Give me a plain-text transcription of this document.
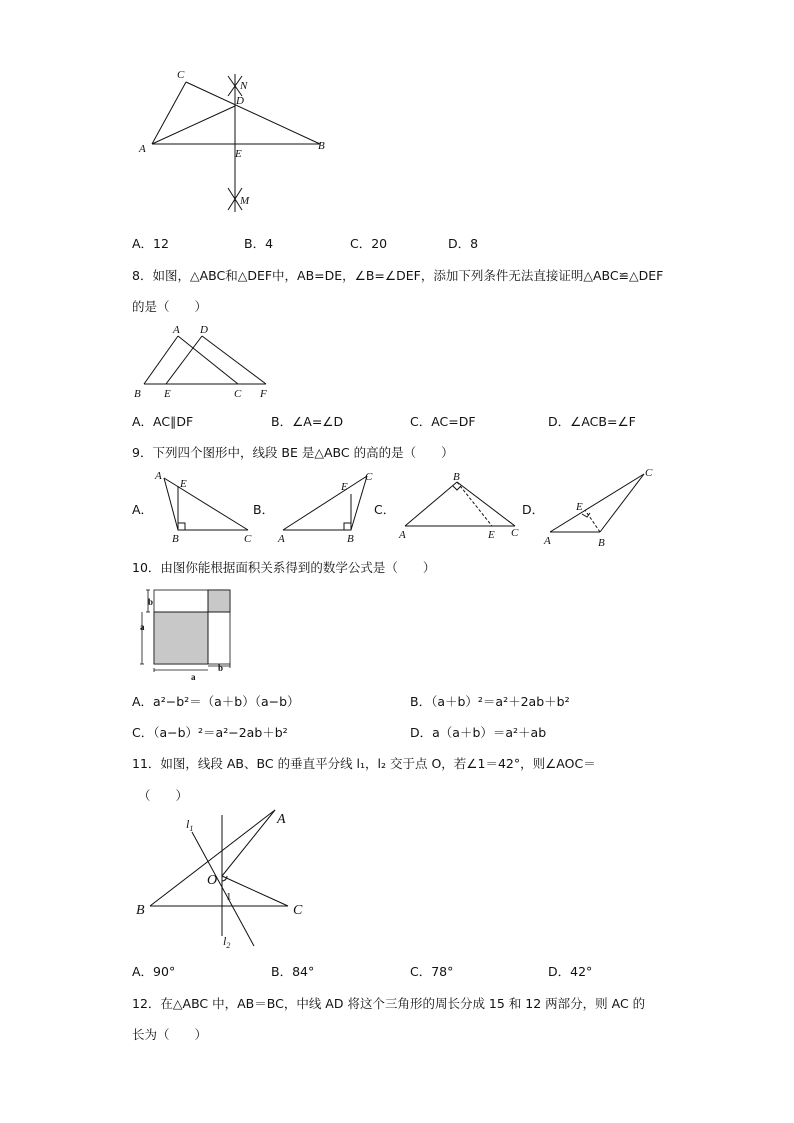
C
N
D
A	E
B
M
A．12	B．4	C．20	D．8
8．如图，△ABC和△DEF中，AB=DE，∠B=∠DEF，添加下列条件无法直接证明△ABC≌△DEF
的是（　　）
A D
B E	C F
A．AC∥DF	B．∠A=∠D	C．AC=DF	D．∠ACB=∠F
9．下列四个图形中，线段 BE 是△ABC 的高的是（　　）
A．
A
E
B	C
B．
C
E
A	B
C．
B
A	E C
D．
C
E
A	B
10．由图你能根据面积关系得到的数学公式是（　　）
b
a
a
b
A．a²−b²＝（a＋b）（a−b）	B．（a＋b）²＝a²＋2ab＋b²
C．（a−b）²＝a²−2ab＋b²	D．a（a＋b）＝a²＋ab
11．如图，线段 AB、BC 的垂直平分线 l₁，l₂ 交于点 O，若∠1＝42°，则∠AOC＝
（　　）
$l_1$
A
O
1
B	C
$l_2$
A．90°	B．84°	C．78°	D．42°
12．在△ABC 中，AB＝BC，中线 AD 将这个三角形的周长分成 15 和 12 两部分，则 AC 的
长为（　　）
